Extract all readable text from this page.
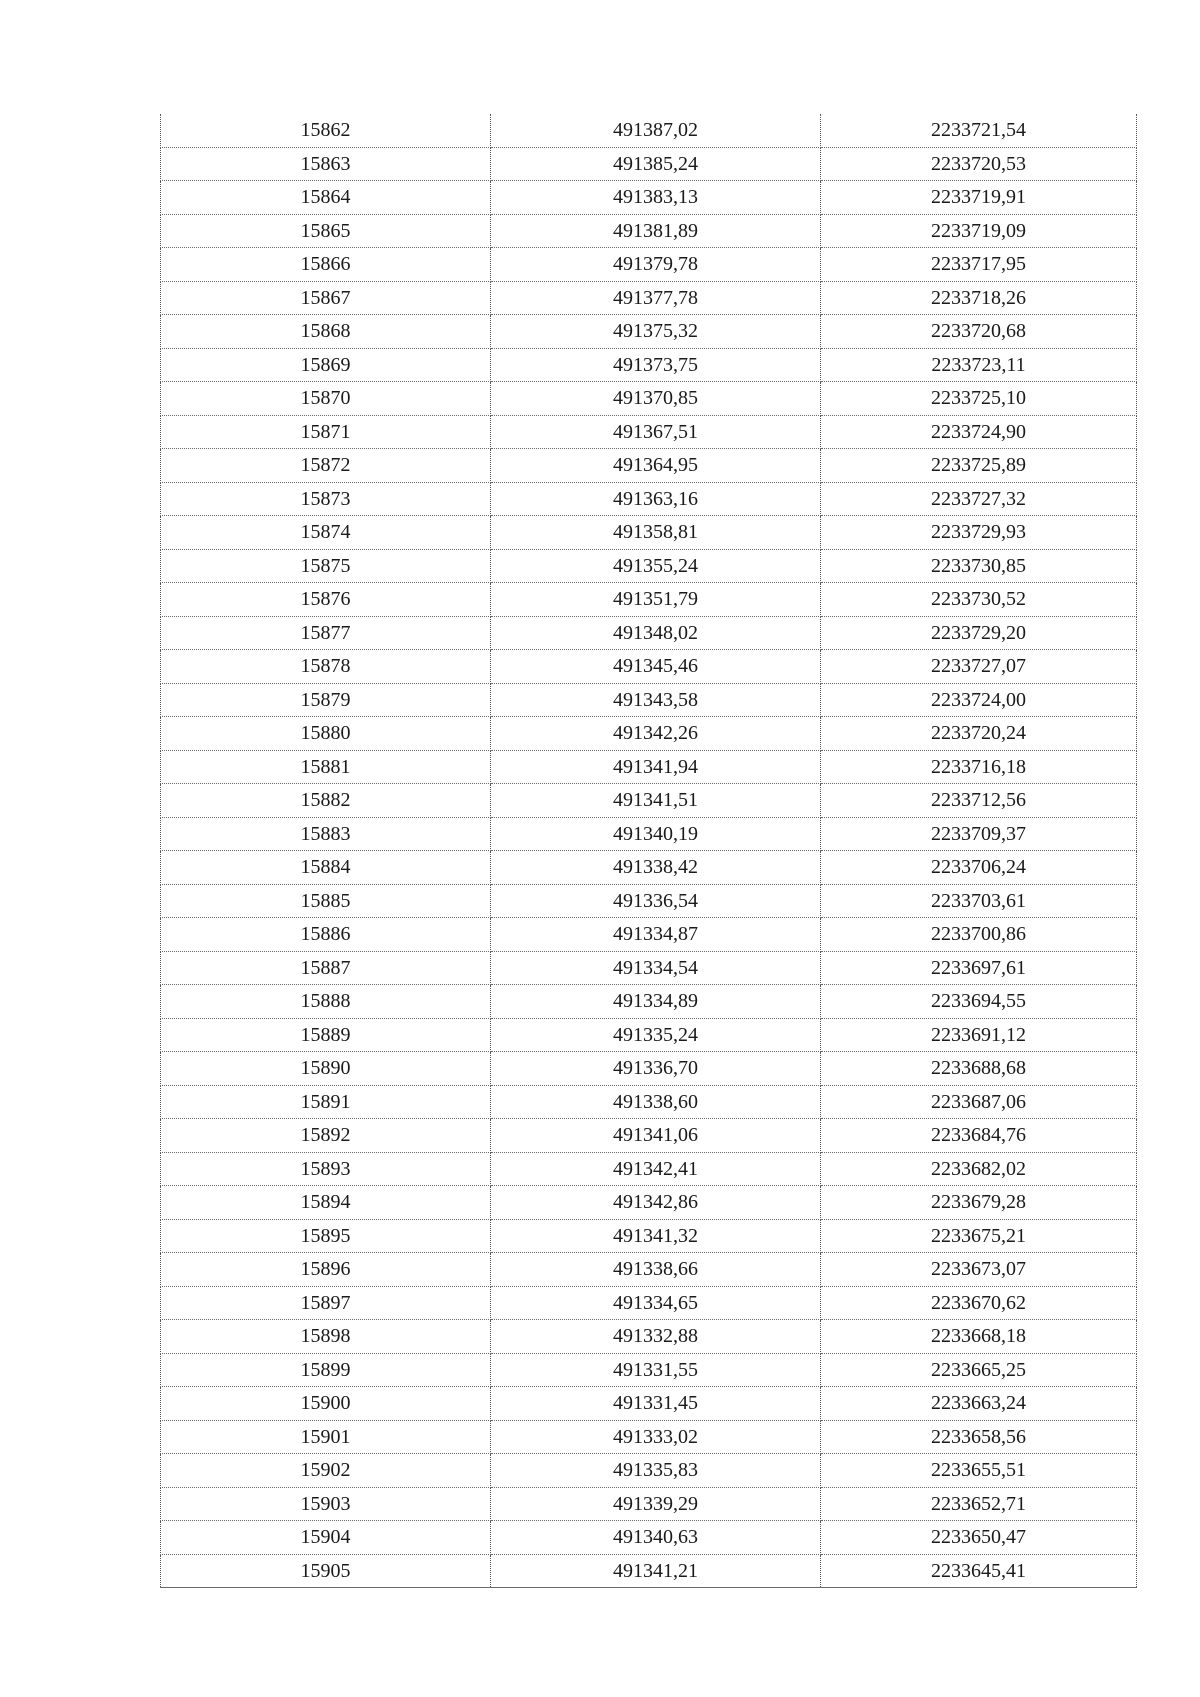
15862	491387,02	2233721,54
15863	491385,24	2233720,53
15864	491383,13	2233719,91
15865	491381,89	2233719,09
15866	491379,78	2233717,95
15867	491377,78	2233718,26
15868	491375,32	2233720,68
15869	491373,75	2233723,11
15870	491370,85	2233725,10
15871	491367,51	2233724,90
15872	491364,95	2233725,89
15873	491363,16	2233727,32
15874	491358,81	2233729,93
15875	491355,24	2233730,85
15876	491351,79	2233730,52
15877	491348,02	2233729,20
15878	491345,46	2233727,07
15879	491343,58	2233724,00
15880	491342,26	2233720,24
15881	491341,94	2233716,18
15882	491341,51	2233712,56
15883	491340,19	2233709,37
15884	491338,42	2233706,24
15885	491336,54	2233703,61
15886	491334,87	2233700,86
15887	491334,54	2233697,61
15888	491334,89	2233694,55
15889	491335,24	2233691,12
15890	491336,70	2233688,68
15891	491338,60	2233687,06
15892	491341,06	2233684,76
15893	491342,41	2233682,02
15894	491342,86	2233679,28
15895	491341,32	2233675,21
15896	491338,66	2233673,07
15897	491334,65	2233670,62
15898	491332,88	2233668,18
15899	491331,55	2233665,25
15900	491331,45	2233663,24
15901	491333,02	2233658,56
15902	491335,83	2233655,51
15903	491339,29	2233652,71
15904	491340,63	2233650,47
15905	491341,21	2233645,41
